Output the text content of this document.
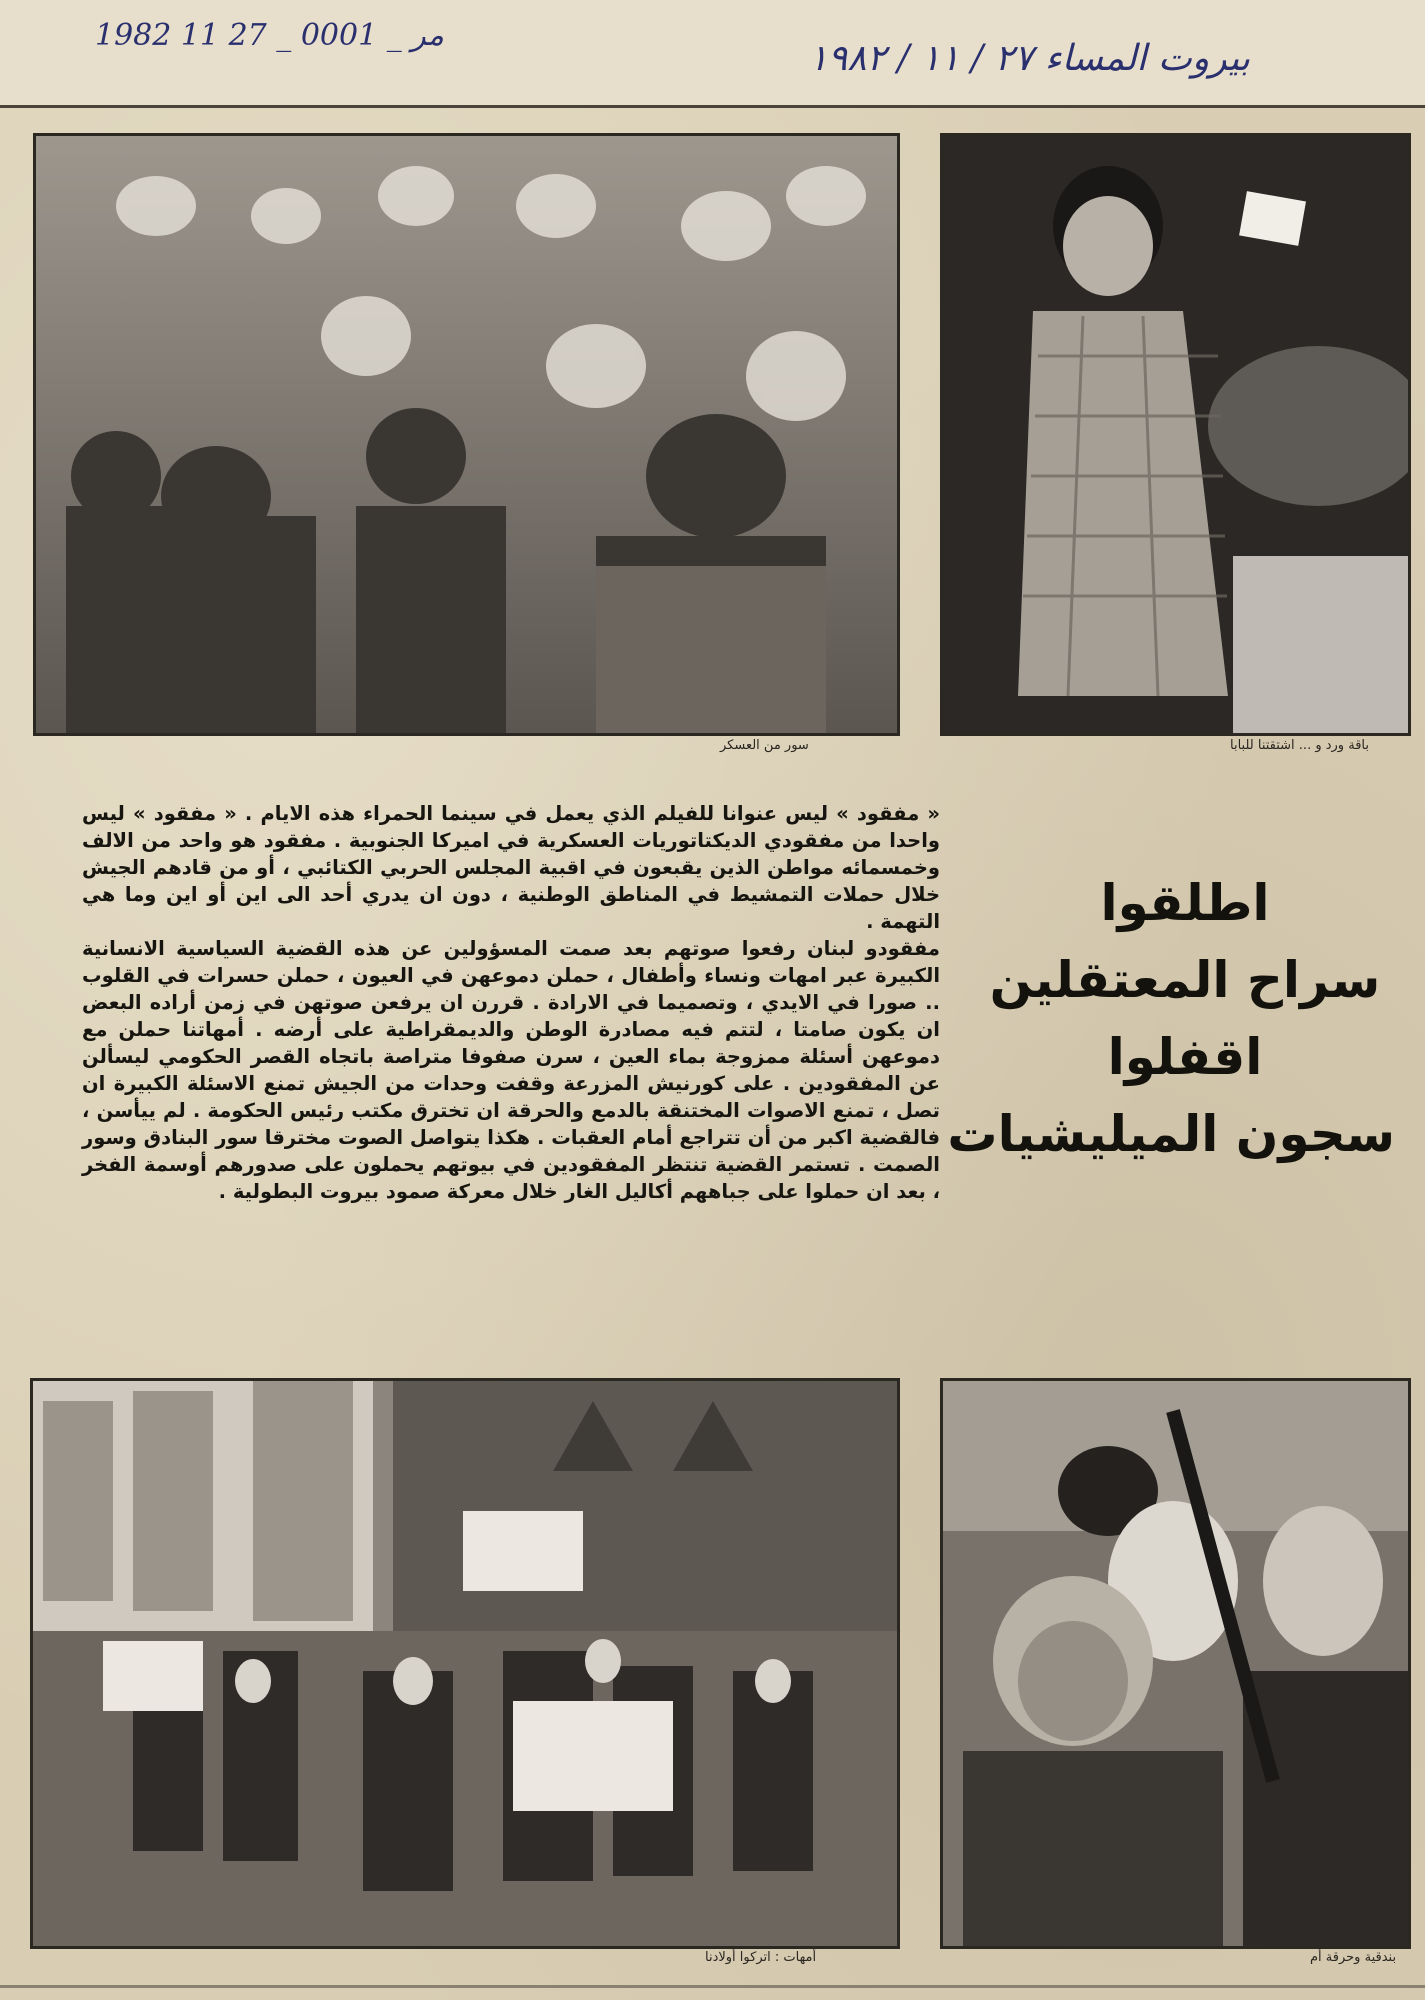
1982 11 27 _ 0001 _ مر
بيروت المساء ٢٧ / ١١ / ١٩٨٢
سور من العسكر	باقة ورد و ... اشتقتنا للبابا

« مفقود » ليس عنوانا للفيلم الذي يعمل في سينما الحمراء هذه الايام . « مفقود » ليس واحدا من مفقودي الديكتاتوريات العسكرية في اميركا الجنوبية . مفقود هو واحد من الالف وخمسمائه مواطن الذين يقبعون في اقبية المجلس الحربي الكتائبي ، أو من قادهم الجيش خلال حملات التمشيط في المناطق الوطنية ، دون ان يدري أحد الى اين أو اين وما هي التهمة .

مفقودو لبنان رفعوا صوتهم بعد صمت المسؤولين عن هذه القضية السياسية الانسانية الكبيرة عبر امهات ونساء وأطفال ، حملن دموعهن في العيون ، حملن حسرات في القلوب .. صورا في الايدي ، وتصميما في الارادة . قررن ان يرفعن صوتهن في زمن أراده البعض ان يكون صامتا ، لتتم فيه مصادرة الوطن والديمقراطية على أرضه . أمهاتنا حملن مع دموعهن أسئلة ممزوجة بماء العين ، سرن صفوفا متراصة باتجاه القصر الحكومي ليسألن عن المفقودين . على كورنيش المزرعة وقفت وحدات من الجيش تمنع الاسئلة الكبيرة ان تصل ، تمنع الاصوات المختنقة بالدمع والحرقة ان تخترق مكتب رئيس الحكومة . لم ييأسن ، فالقضية اكبر من أن تتراجع أمام العقبات . هكذا يتواصل الصوت مخترقا سور البنادق وسور الصمت . تستمر القضية تنتظر المفقودين في بيوتهم يحملون على صدورهم أوسمة الفخر ، بعد ان حملوا على جباههم أكاليل الغار خلال معركة صمود بيروت البطولية .

اطلقوا
سراح المعتقلين
اقفلوا
سجون الميليشيات
أمهات : اتركوا أولادنا	بندقية وحرقة أم
